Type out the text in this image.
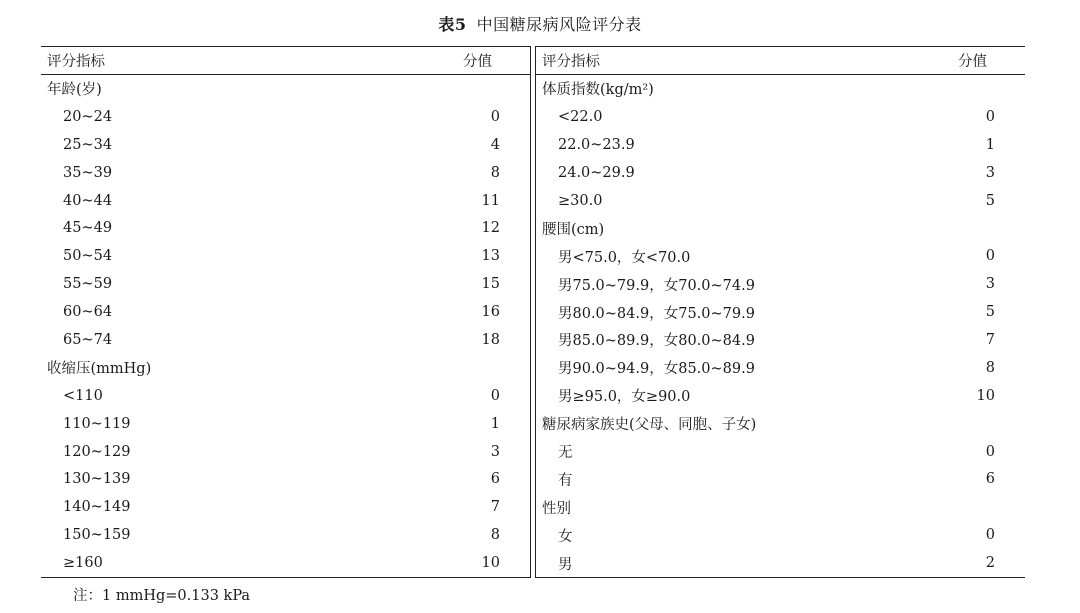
表5 中国糖尿病风险评分表
评分指标	分值
年龄(岁)
20~24	0
25~34	4
35~39	8
40~44	11
45~49	12
50~54	13
55~59	15
60~64	16
65~74	18
收缩压(mmHg)
<110	0
110~119	1
120~129	3
130~139	6
140~149	7
150~159	8
≥160	10
评分指标	分值
体质指数(kg/m²)
<22.0	0
22.0~23.9	1
24.0~29.9	3
≥30.0	5
腰围(cm)
男<75.0，女<70.0	0
男75.0~79.9，女70.0~74.9	3
男80.0~84.9，女75.0~79.9	5
男85.0~89.9，女80.0~84.9	7
男90.0~94.9，女85.0~89.9	8
男≥95.0，女≥90.0	10
糖尿病家族史(父母、同胞、子女)
无	0
有	6
性别
女	0
男	2
注：1 mmHg=0.133 kPa
